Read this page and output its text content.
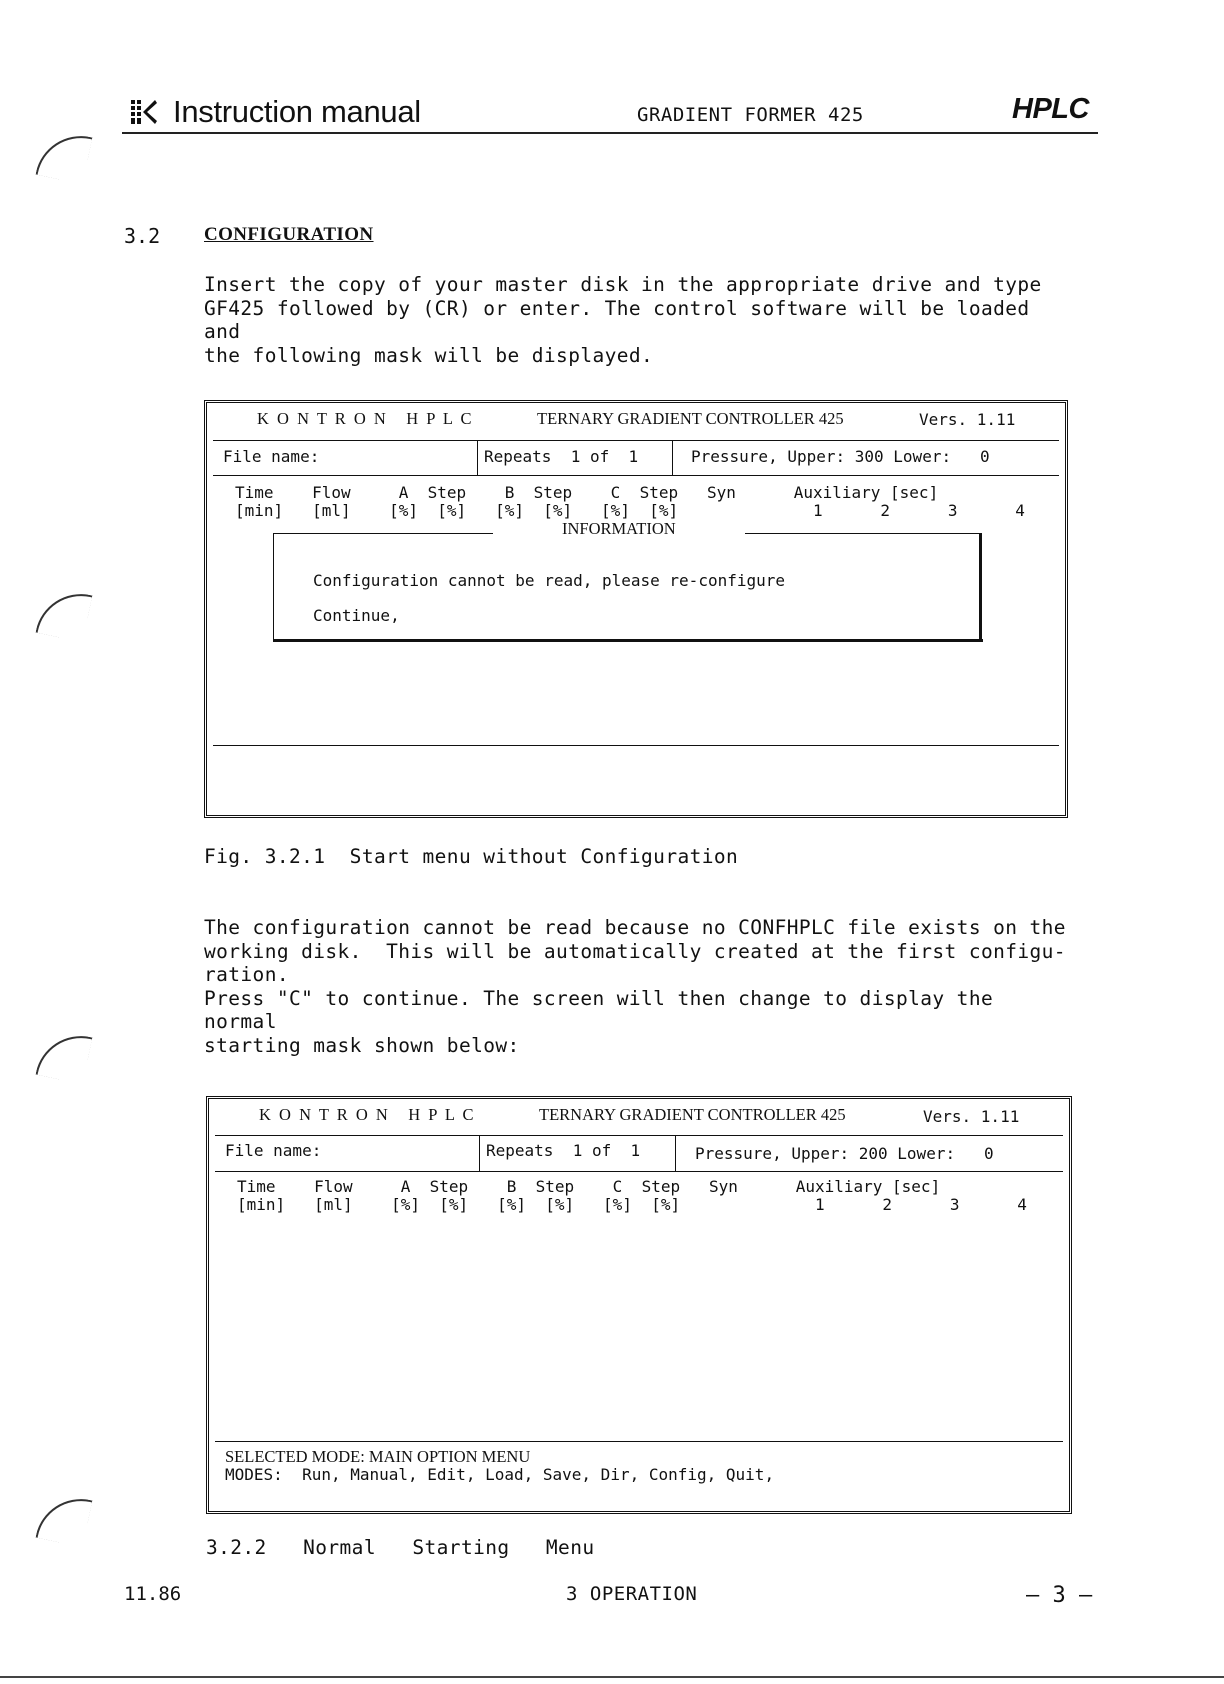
Instruction manual	GRADIENT FORMER 425	HPLC
3.2 CONFIGURATION
Insert the copy of your master disk in the appropriate drive and type
GF425 followed by (CR) or enter. The control software will be loaded and
the following mask will be displayed.
K O N T R O N   H P L C	TERNARY GRADIENT CONTROLLER 425	Vers. 1.11
File name:	Repeats  1 of  1	Pressure, Upper: 300 Lower:   0
Time    Flow     A  Step    B  Step    C  Step   Syn      Auxiliary [sec]
[min]   [ml]    [%]  [%]   [%]  [%]   [%]  [%]              1      2      3      4
INFORMATION
Configuration cannot be read, please re-configure
Continue,
Fig. 3.2.1  Start menu without Configuration
The configuration cannot be read because no CONFHPLC file exists on the
working disk.  This will be automatically created at the first configu-
ration.
Press "C" to continue. The screen will then change to display the normal
starting mask shown below:
K O N T R O N   H P L C	TERNARY GRADIENT CONTROLLER 425	Vers. 1.11
File name:	Repeats  1 of  1	Pressure, Upper: 200 Lower:   0
Time    Flow     A  Step    B  Step    C  Step   Syn      Auxiliary [sec]
[min]   [ml]    [%]  [%]   [%]  [%]   [%]  [%]              1      2      3      4
SELECTED MODE: MAIN OPTION MENU
MODES:  Run, Manual, Edit, Load, Save, Dir, Config, Quit,
3.2.2   Normal   Starting   Menu
11.86	3 OPERATION	– 3 –
